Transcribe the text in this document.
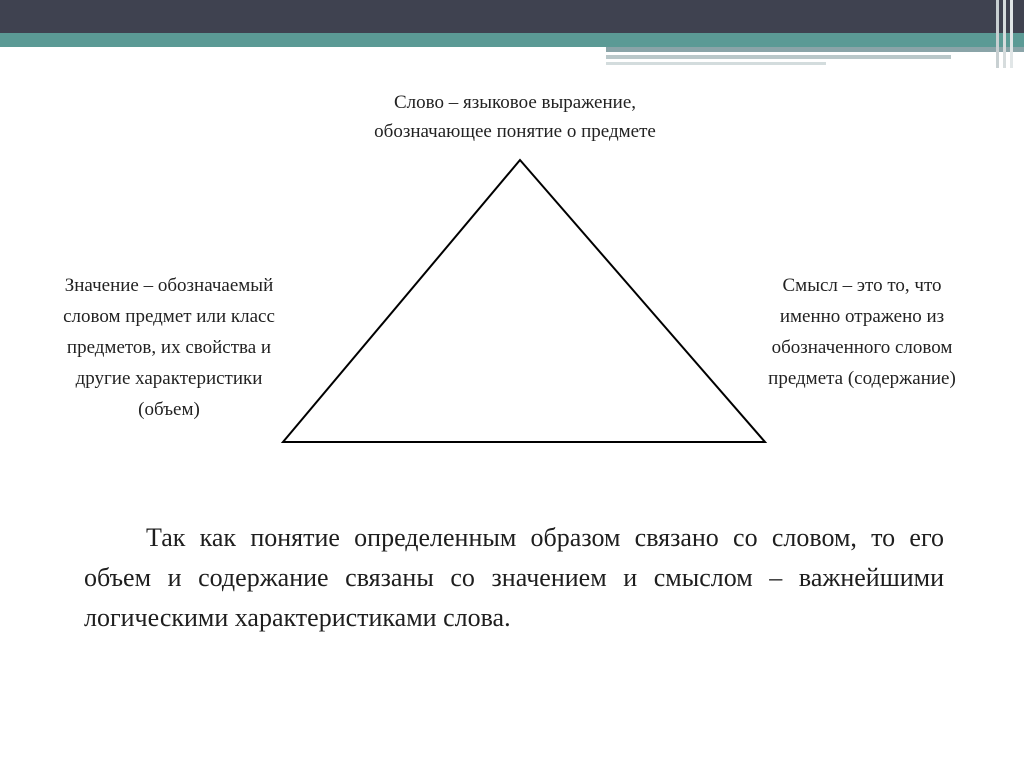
Слово – языковое выражение,
обозначающее понятие о предмете
Значение – обозначаемый
словом предмет или класс
предметов, их свойства и
другие характеристики
(объем)
Смысл – это то, что
именно отражено из
обозначенного словом
предмета (содержание)
Так как понятие определенным образом связано со словом, то его объем и содержание связаны со значением и смыслом – важнейшими логическими характеристиками слова.
